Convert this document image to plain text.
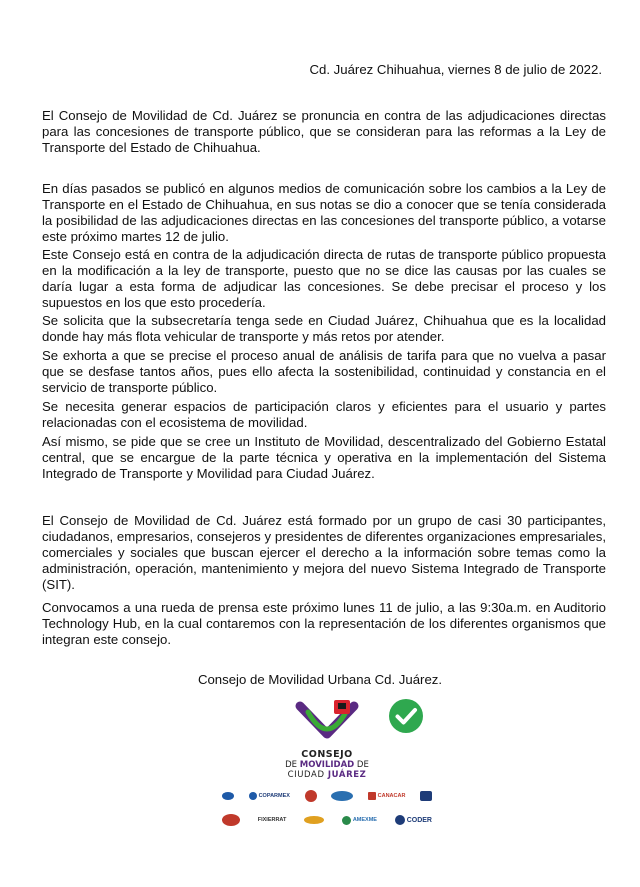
Cd. Juárez Chihuahua, viernes 8 de julio de 2022.

El Consejo de Movilidad de Cd. Juárez se pronuncia en contra de las adjudicaciones directas para las concesiones de transporte público, que se consideran para las reformas a la Ley de Transporte del Estado de Chihuahua.

En días pasados se publicó en algunos medios de comunicación sobre los cambios a la Ley de Transporte en el Estado de Chihuahua, en sus notas se dio a conocer que se tenía considerada la posibilidad de las adjudicaciones directas en las concesiones del transporte público, a votarse este próximo martes 12 de julio.

Este Consejo está en contra de la adjudicación directa de rutas de transporte público propuesta en la modificación a la ley de transporte, puesto que no se dice las causas por las cuales se daría lugar a esta forma de adjudicar las concesiones. Se debe precisar el proceso y los supuestos en los que esto procedería.

Se solicita que la subsecretaría tenga sede en Ciudad Juárez, Chihuahua que es la localidad donde hay más flota vehicular de transporte y más retos por atender.

Se exhorta a que se precise el proceso anual de análisis de tarifa para que no vuelva a pasar que se desfase tantos años, pues ello afecta la sostenibilidad, continuidad y constancia en el servicio de transporte público.

Se necesita generar espacios de participación claros y eficientes para el usuario y partes relacionadas con el ecosistema de movilidad.

Así mismo, se pide que se cree un Instituto de Movilidad, descentralizado del Gobierno Estatal central, que se encargue de la parte técnica y operativa en la implementación del Sistema Integrado de Transporte y Movilidad para Ciudad Juárez.

El Consejo de Movilidad de Cd. Juárez está formado por un grupo de casi 30 participantes, ciudadanos, empresarios, consejeros y presidentes de diferentes organizaciones empresariales, comerciales y sociales que buscan ejercer el derecho a la información sobre temas como la administración, operación, mantenimiento y mejora del nuevo Sistema Integrado de Transporte (SIT).

Convocamos a una rueda de prensa este próximo lunes 11 de julio, a las 9:30a.m. en Auditorio Technology Hub, en la cual contaremos con la representación de los diferentes organismos que integran este consejo.

Consejo de Movilidad Urbana Cd. Juárez.
CONSEJO
DE MOVILIDAD DE
CIUDAD JUÁREZ
COPARMEX	CANACAR
FIXIERRAT	AMEXME	CODER
